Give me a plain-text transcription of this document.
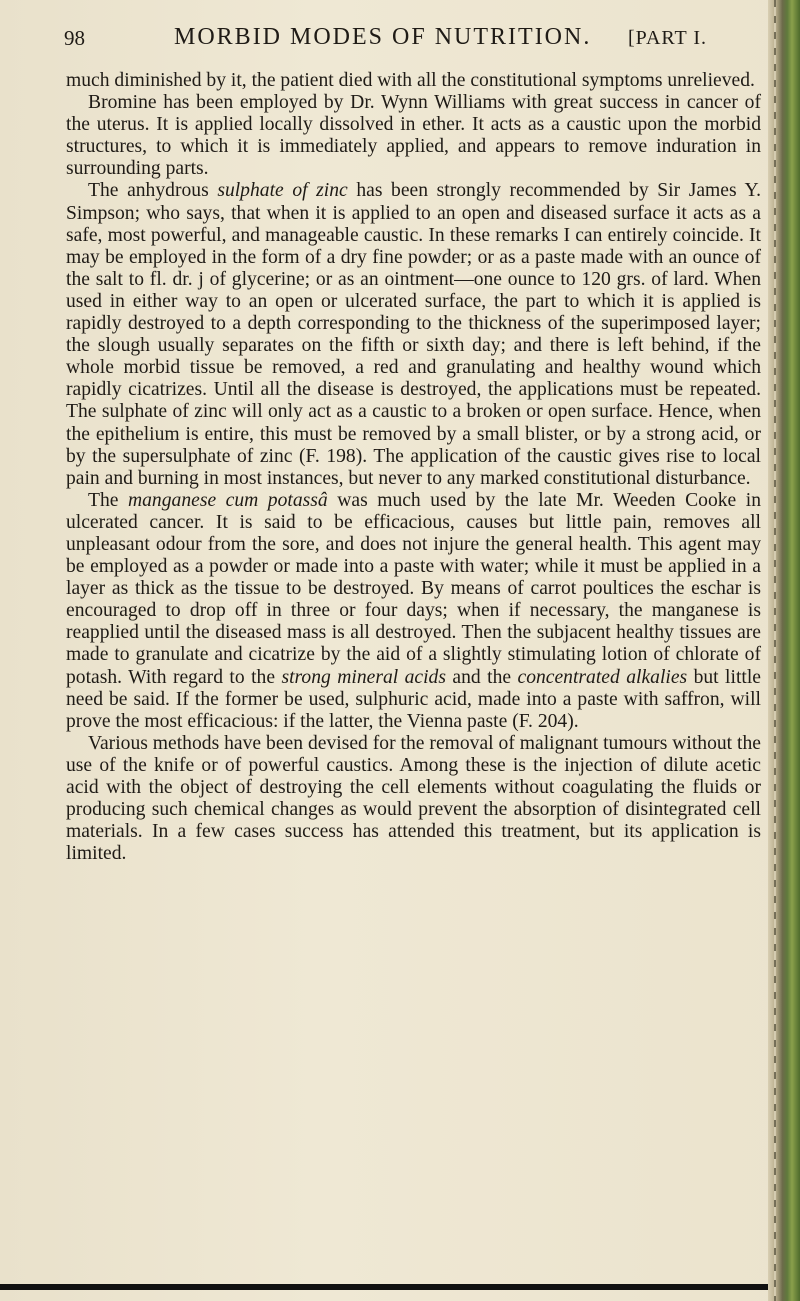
98	MORBID MODES OF NUTRITION. [PART I.

much diminished by it, the patient died with all the constitutional symptoms unrelieved.

Bromine has been employed by Dr. Wynn Williams with great success in cancer of the uterus. It is applied locally dissolved in ether. It acts as a caustic upon the morbid structures, to which it is immediately applied, and appears to remove induration in surrounding parts.

The anhydrous sulphate of zinc has been strongly recommended by Sir James Y. Simpson; who says, that when it is applied to an open and diseased surface it acts as a safe, most powerful, and manageable caustic. In these remarks I can entirely coincide. It may be employed in the form of a dry fine powder; or as a paste made with an ounce of the salt to fl. dr. j of glycerine; or as an ointment—one ounce to 120 grs. of lard. When used in either way to an open or ulcerated surface, the part to which it is applied is rapidly destroyed to a depth corresponding to the thickness of the superimposed layer; the slough usually separates on the fifth or sixth day; and there is left behind, if the whole morbid tissue be removed, a red and granulating and healthy wound which rapidly cicatrizes. Until all the disease is destroyed, the applications must be repeated. The sulphate of zinc will only act as a caustic to a broken or open surface. Hence, when the epithelium is entire, this must be removed by a small blister, or by a strong acid, or by the supersulphate of zinc (F. 198). The application of the caustic gives rise to local pain and burning in most instances, but never to any marked constitutional disturbance.

The manganese cum potassâ was much used by the late Mr. Weeden Cooke in ulcerated cancer. It is said to be efficacious, causes but little pain, removes all unpleasant odour from the sore, and does not injure the general health. This agent may be employed as a powder or made into a paste with water; while it must be applied in a layer as thick as the tissue to be destroyed. By means of carrot poultices the eschar is encouraged to drop off in three or four days; when if necessary, the manganese is reapplied until the diseased mass is all destroyed. Then the subjacent healthy tissues are made to granulate and cicatrize by the aid of a slightly stimulating lotion of chlorate of potash. With regard to the strong mineral acids and the concentrated alkalies but little need be said. If the former be used, sulphuric acid, made into a paste with saffron, will prove the most efficacious: if the latter, the Vienna paste (F. 204).

Various methods have been devised for the removal of malignant tumours without the use of the knife or of powerful caustics. Among these is the injection of dilute acetic acid with the object of destroying the cell elements without coagulating the fluids or producing such chemical changes as would prevent the absorption of disintegrated cell materials. In a few cases success has attended this treatment, but its application is limited.
